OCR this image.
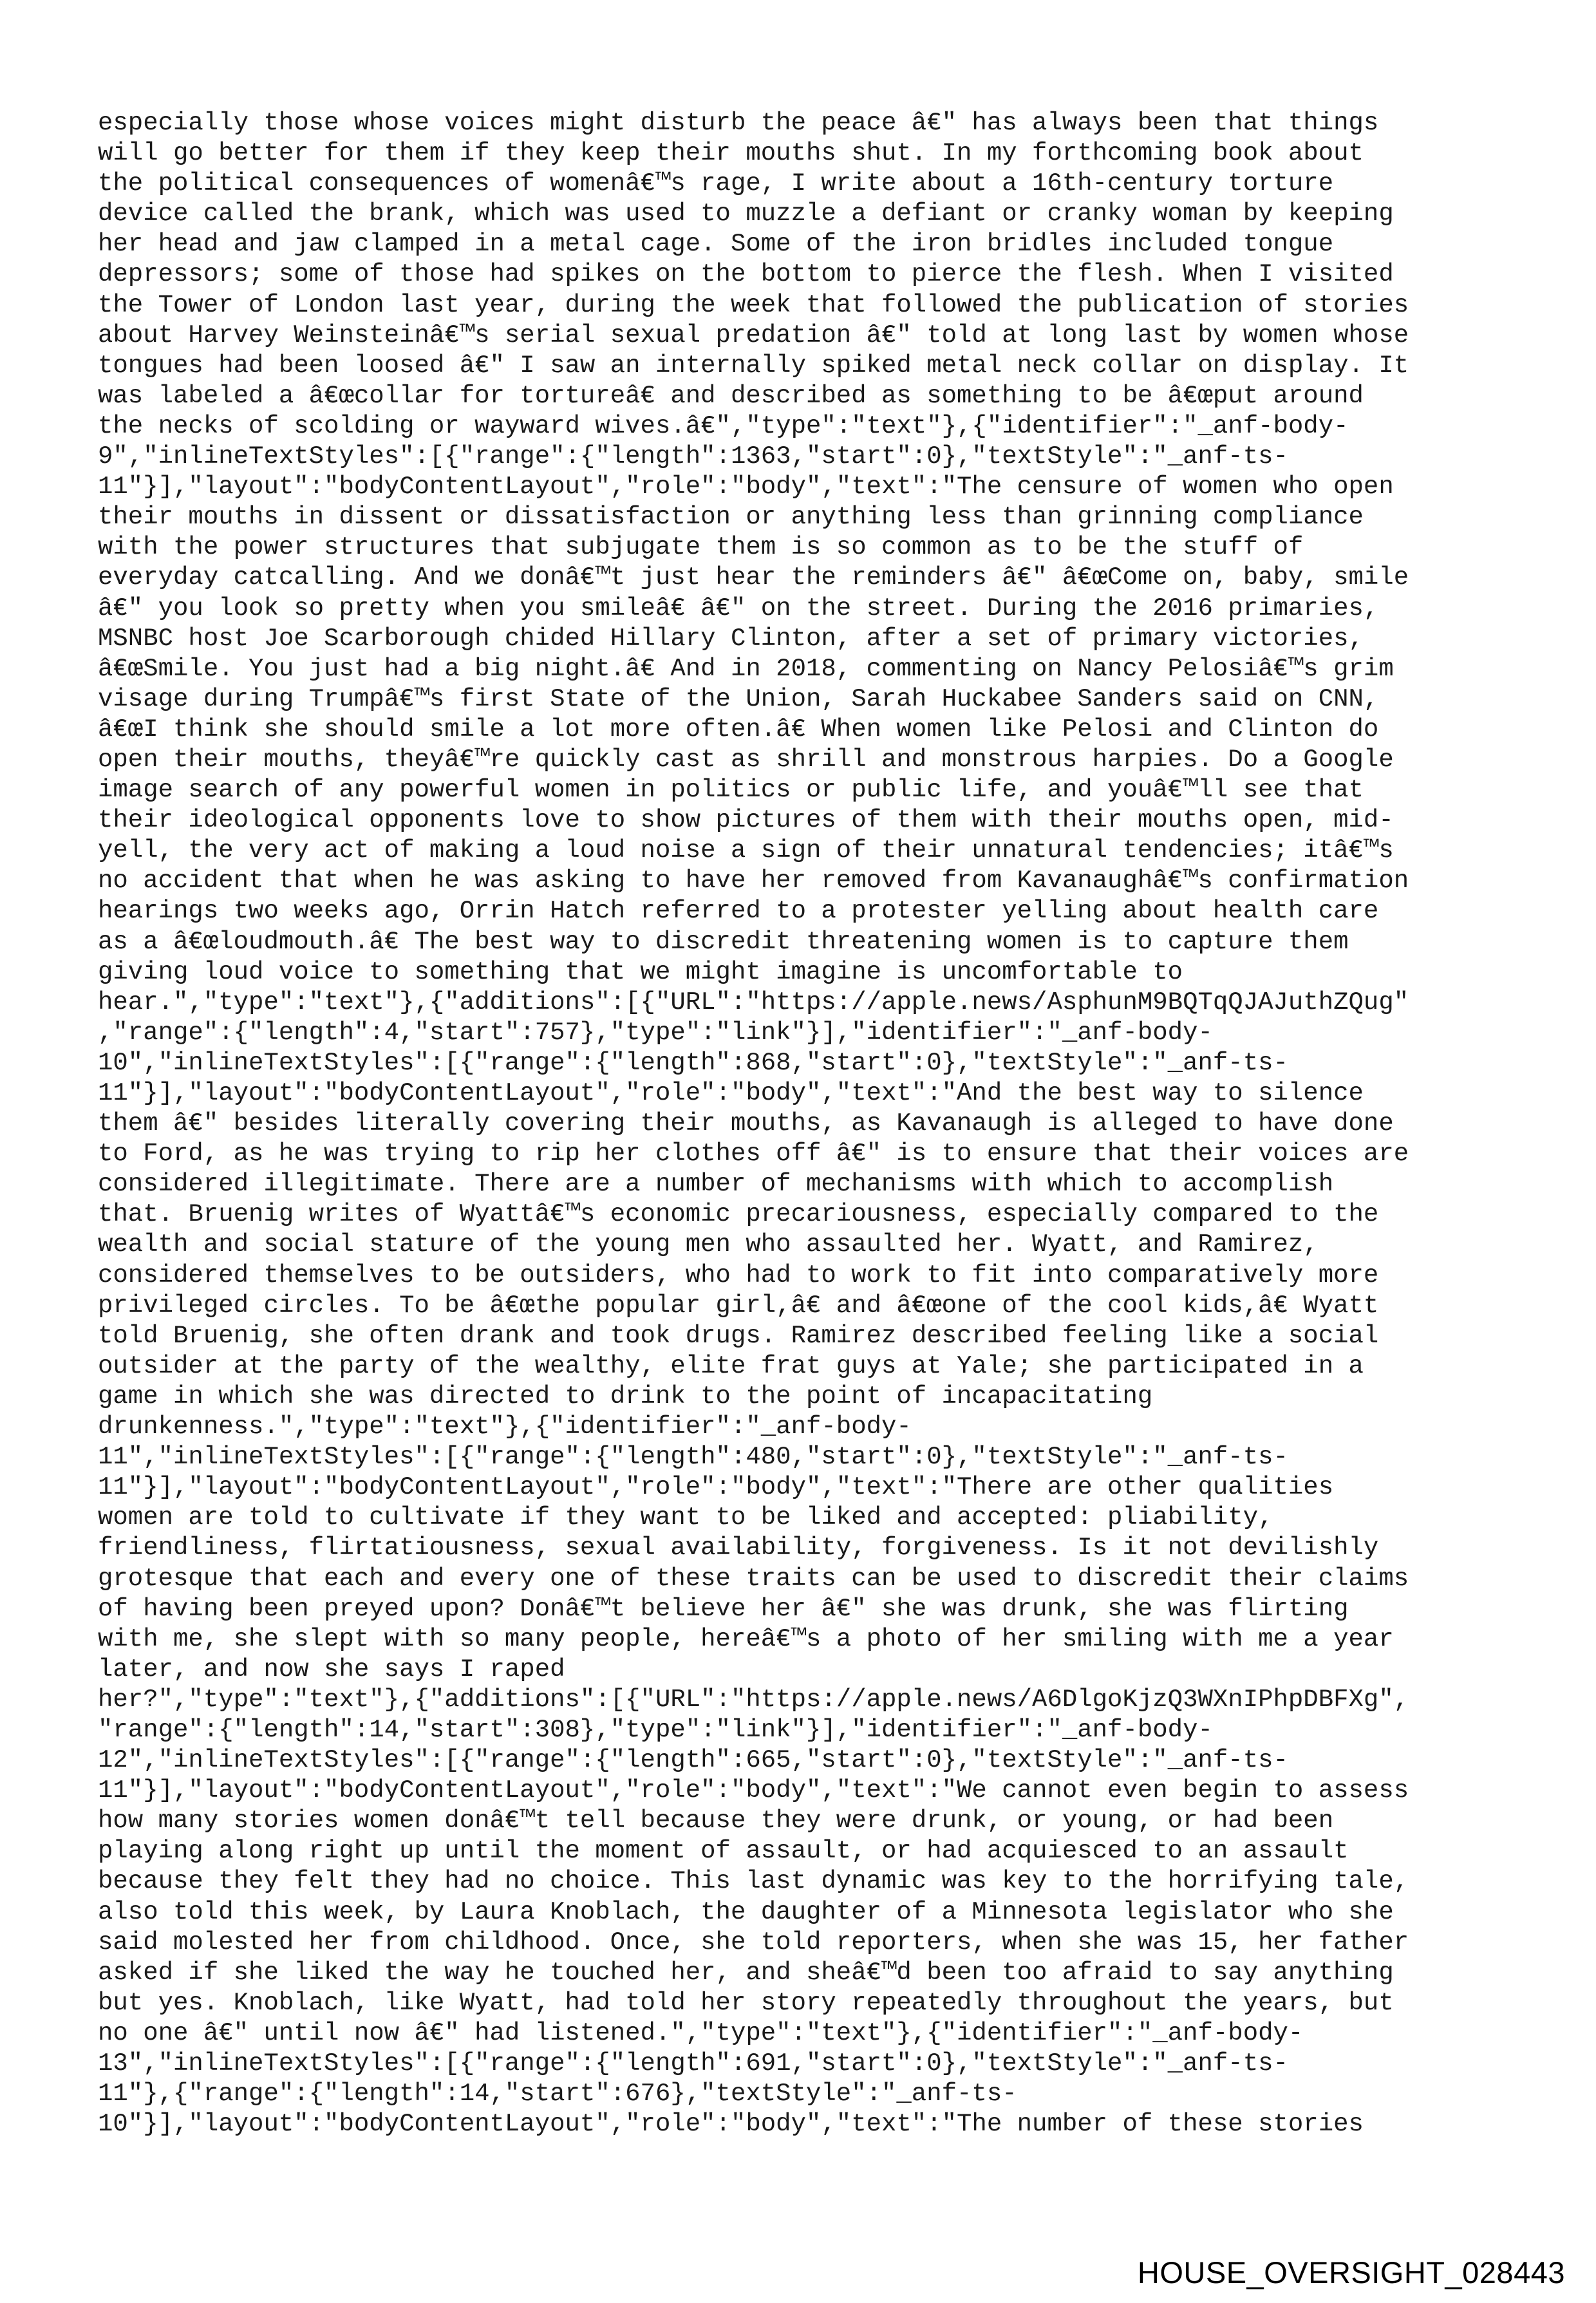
especially those whose voices might disturb the peace â€" has always been that things
will go better for them if they keep their mouths shut. In my forthcoming book about
the political consequences of womenâ€™s rage, I write about a 16th-century torture
device called the brank, which was used to muzzle a defiant or cranky woman by keeping
her head and jaw clamped in a metal cage. Some of the iron bridles included tongue
depressors; some of those had spikes on the bottom to pierce the flesh. When I visited
the Tower of London last year, during the week that followed the publication of stories
about Harvey Weinsteinâ€™s serial sexual predation â€" told at long last by women whose
tongues had been loosed â€" I saw an internally spiked metal neck collar on display. It
was labeled a â€œcollar for tortureâ€ and described as something to be â€œput around
the necks of scolding or wayward wives.â€","type":"text"},{"identifier":"_anf-body-
9","inlineTextStyles":[{"range":{"length":1363,"start":0},"textStyle":"_anf-ts-
11"}],"layout":"bodyContentLayout","role":"body","text":"The censure of women who open
their mouths in dissent or dissatisfaction or anything less than grinning compliance
with the power structures that subjugate them is so common as to be the stuff of
everyday catcalling. And we donâ€™t just hear the reminders â€" â€œCome on, baby, smile
â€" you look so pretty when you smileâ€ â€" on the street. During the 2016 primaries,
MSNBC host Joe Scarborough chided Hillary Clinton, after a set of primary victories,
â€œSmile. You just had a big night.â€ And in 2018, commenting on Nancy Pelosiâ€™s grim
visage during Trumpâ€™s first State of the Union, Sarah Huckabee Sanders said on CNN,
â€œI think she should smile a lot more often.â€ When women like Pelosi and Clinton do
open their mouths, theyâ€™re quickly cast as shrill and monstrous harpies. Do a Google
image search of any powerful women in politics or public life, and youâ€™ll see that
their ideological opponents love to show pictures of them with their mouths open, mid-
yell, the very act of making a loud noise a sign of their unnatural tendencies; itâ€™s
no accident that when he was asking to have her removed from Kavanaughâ€™s confirmation
hearings two weeks ago, Orrin Hatch referred to a protester yelling about health care
as a â€œloudmouth.â€ The best way to discredit threatening women is to capture them
giving loud voice to something that we might imagine is uncomfortable to
hear.","type":"text"},{"additions":[{"URL":"https://apple.news/AsphunM9BQTqQJAJuthZQug"
,"range":{"length":4,"start":757},"type":"link"}],"identifier":"_anf-body-
10","inlineTextStyles":[{"range":{"length":868,"start":0},"textStyle":"_anf-ts-
11"}],"layout":"bodyContentLayout","role":"body","text":"And the best way to silence
them â€" besides literally covering their mouths, as Kavanaugh is alleged to have done
to Ford, as he was trying to rip her clothes off â€" is to ensure that their voices are
considered illegitimate. There are a number of mechanisms with which to accomplish
that. Bruenig writes of Wyattâ€™s economic precariousness, especially compared to the
wealth and social stature of the young men who assaulted her. Wyatt, and Ramirez,
considered themselves to be outsiders, who had to work to fit into comparatively more
privileged circles. To be â€œthe popular girl,â€ and â€œone of the cool kids,â€ Wyatt
told Bruenig, she often drank and took drugs. Ramirez described feeling like a social
outsider at the party of the wealthy, elite frat guys at Yale; she participated in a
game in which she was directed to drink to the point of incapacitating
drunkenness.","type":"text"},{"identifier":"_anf-body-
11","inlineTextStyles":[{"range":{"length":480,"start":0},"textStyle":"_anf-ts-
11"}],"layout":"bodyContentLayout","role":"body","text":"There are other qualities
women are told to cultivate if they want to be liked and accepted: pliability,
friendliness, flirtatiousness, sexual availability, forgiveness. Is it not devilishly
grotesque that each and every one of these traits can be used to discredit their claims
of having been preyed upon? Donâ€™t believe her â€" she was drunk, she was flirting
with me, she slept with so many people, hereâ€™s a photo of her smiling with me a year
later, and now she says I raped
her?","type":"text"},{"additions":[{"URL":"https://apple.news/A6DlgoKjzQ3WXnIPhpDBFXg",
"range":{"length":14,"start":308},"type":"link"}],"identifier":"_anf-body-
12","inlineTextStyles":[{"range":{"length":665,"start":0},"textStyle":"_anf-ts-
11"}],"layout":"bodyContentLayout","role":"body","text":"We cannot even begin to assess
how many stories women donâ€™t tell because they were drunk, or young, or had been
playing along right up until the moment of assault, or had acquiesced to an assault
because they felt they had no choice. This last dynamic was key to the horrifying tale,
also told this week, by Laura Knoblach, the daughter of a Minnesota legislator who she
said molested her from childhood. Once, she told reporters, when she was 15, her father
asked if she liked the way he touched her, and sheâ€™d been too afraid to say anything
but yes. Knoblach, like Wyatt, had told her story repeatedly throughout the years, but
no one â€" until now â€" had listened.","type":"text"},{"identifier":"_anf-body-
13","inlineTextStyles":[{"range":{"length":691,"start":0},"textStyle":"_anf-ts-
11"},{"range":{"length":14,"start":676},"textStyle":"_anf-ts-
10"}],"layout":"bodyContentLayout","role":"body","text":"The number of these stories
HOUSE_OVERSIGHT_028443
